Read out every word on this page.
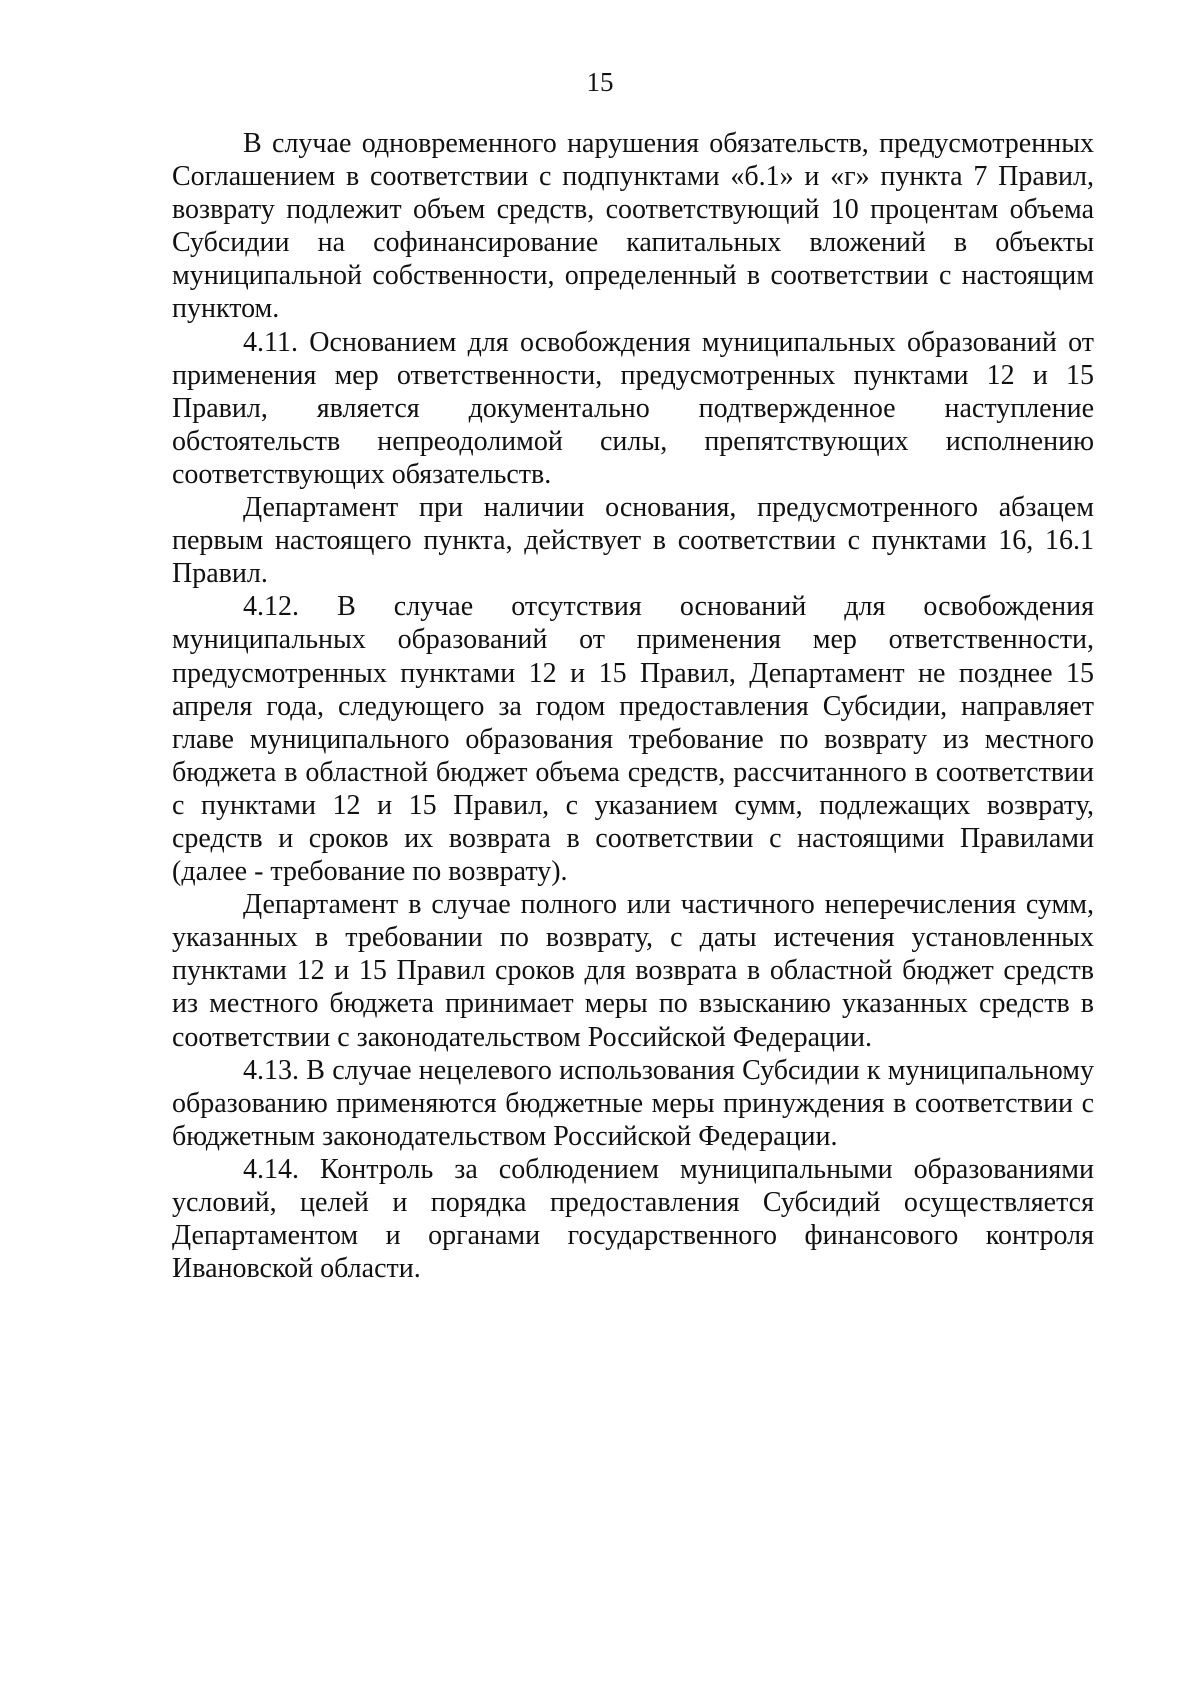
15

В случае одновременного нарушения обязательств, предусмотренных Соглашением в соответствии с подпунктами «б.1» и «г» пункта 7 Правил, возврату подлежит объем средств, соответствующий 10 процентам объема Субсидии на софинансирование капитальных вложений в объекты муниципальной собственности, определенный в соответствии с настоящим пунктом.

4.11. Основанием для освобождения муниципальных образований от применения мер ответственности, предусмотренных пунктами 12 и 15 Правил, является документально подтвержденное наступление обстоятельств непреодолимой силы, препятствующих исполнению соответствующих обязательств.

Департамент при наличии основания, предусмотренного абзацем первым настоящего пункта, действует в соответствии с пунктами 16, 16.1 Правил.

4.12. В случае отсутствия оснований для освобождения муниципальных образований от применения мер ответственности, предусмотренных пунктами 12 и 15 Правил, Департамент не позднее 15 апреля года, следующего за годом предоставления Субсидии, направляет главе муниципального образования требование по возврату из местного бюджета в областной бюджет объема средств, рассчитанного в соответствии с пунктами 12 и 15 Правил, с указанием сумм, подлежащих возврату, средств и сроков их возврата в соответствии с настоящими Правилами (далее - требование по возврату).

Департамент в случае полного или частичного неперечисления сумм, указанных в требовании по возврату, с даты истечения установленных пунктами 12 и 15 Правил сроков для возврата в областной бюджет средств из местного бюджета принимает меры по взысканию указанных средств в соответствии с законодательством Российской Федерации.

4.13. В случае нецелевого использования Субсидии к муниципальному образованию применяются бюджетные меры принуждения в соответствии с бюджетным законодательством Российской Федерации.

4.14. Контроль за соблюдением муниципальными образованиями условий, целей и порядка предоставления Субсидий осуществляется Департаментом и органами государственного финансового контроля Ивановской области.
